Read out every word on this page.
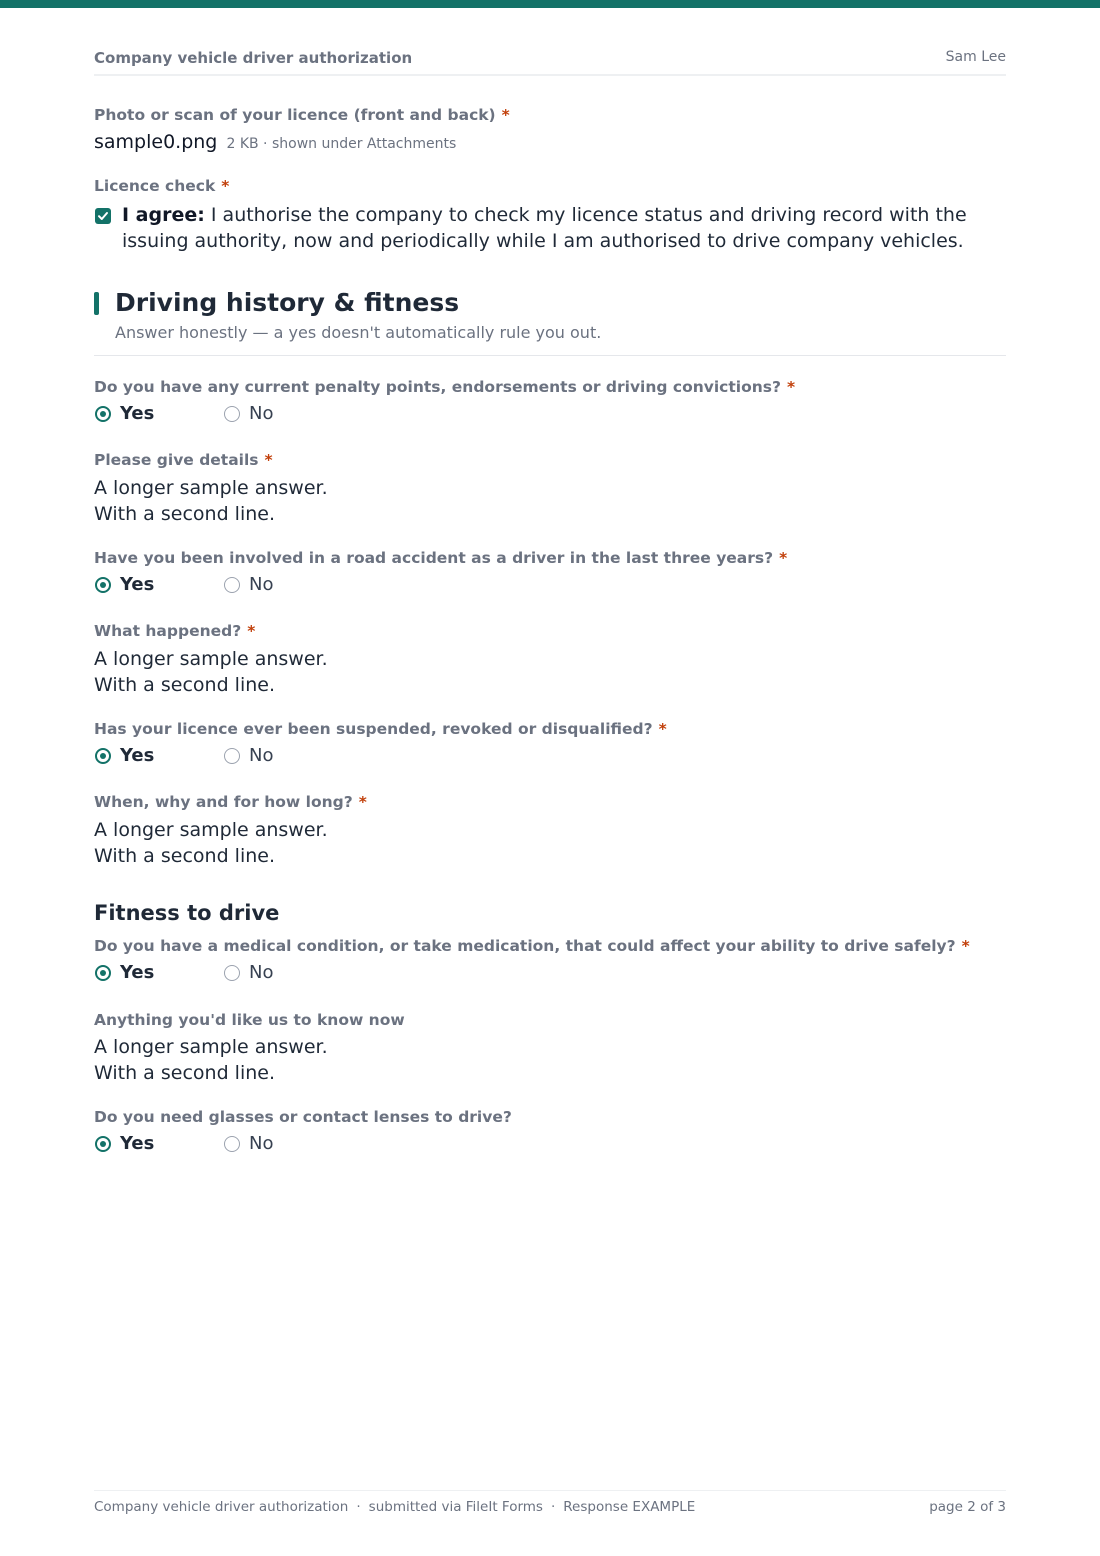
Company vehicle driver authorization	Sam Lee
Photo or scan of your licence (front and back) *
sample0.png 2 KB · shown under Attachments
Licence check *
I agree: I authorise the company to check my licence status and driving record with the issuing authority, now and periodically while I am authorised to drive company vehicles.
Driving history & fitness
Answer honestly — a yes doesn't automatically rule you out.
Do you have any current penalty points, endorsements or driving convictions? *
Yes	No
Please give details *
A longer sample answer.
With a second line.
Have you been involved in a road accident as a driver in the last three years? *
Yes	No
What happened? *
A longer sample answer.
With a second line.
Has your licence ever been suspended, revoked or disqualified? *
Yes	No
When, why and for how long? *
A longer sample answer.
With a second line.
Fitness to drive
Do you have a medical condition, or take medication, that could affect your ability to drive safely? *
Yes	No
Anything you'd like us to know now
A longer sample answer.
With a second line.
Do you need glasses or contact lenses to drive?
Yes	No
Company vehicle driver authorization · submitted via FileIt Forms · Response EXAMPLE	page 2 of 3
